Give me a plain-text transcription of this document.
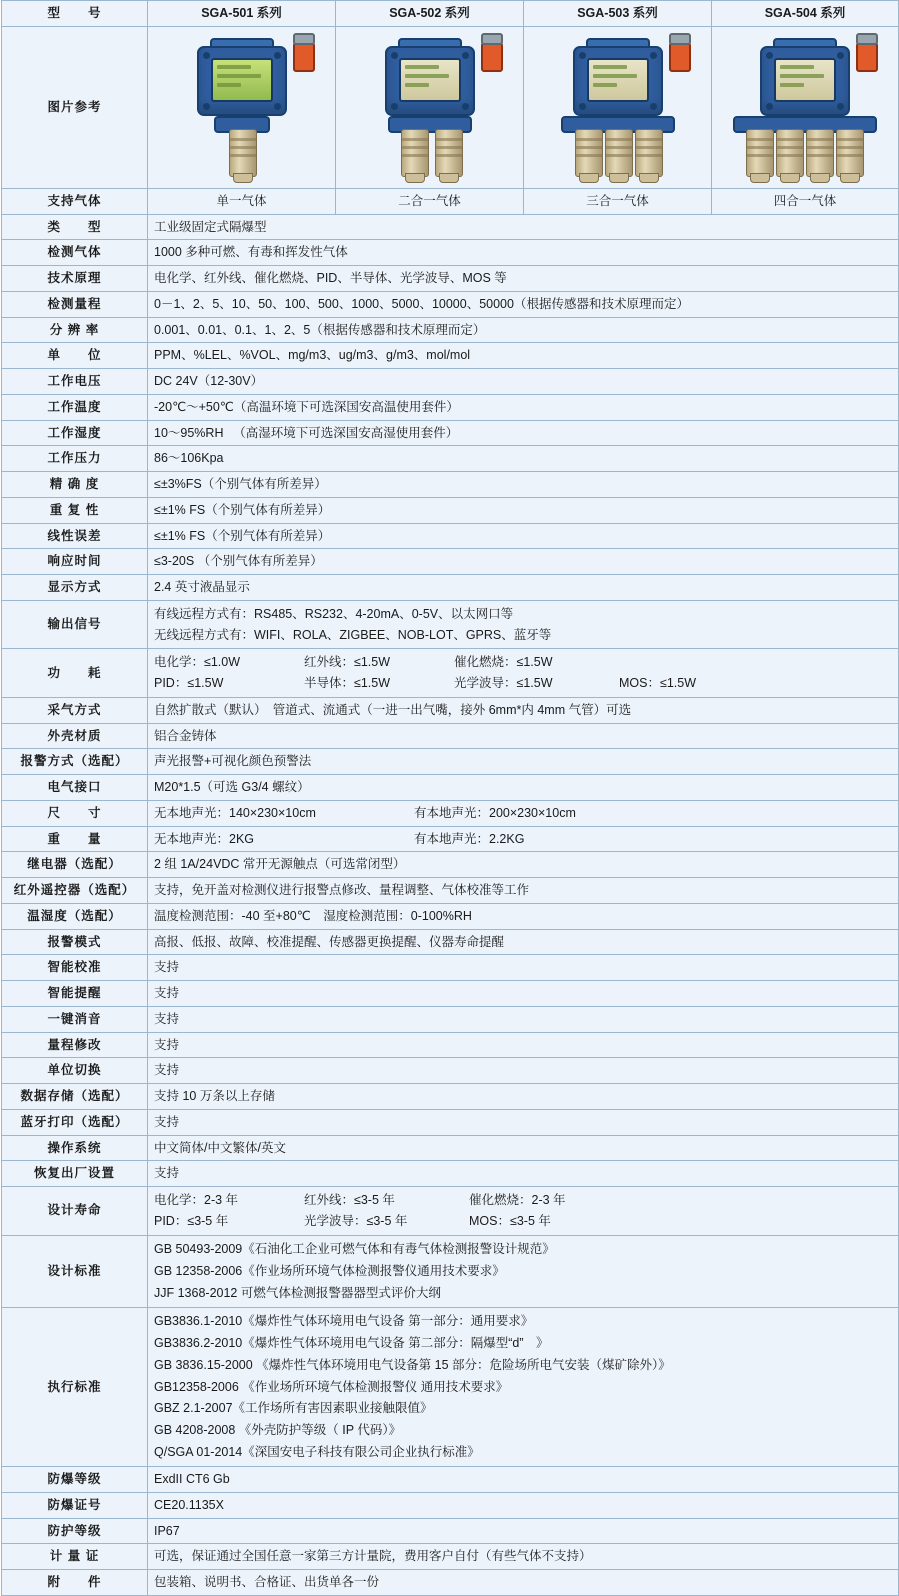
型　　号	SGA-501 系列	SGA-502 系列	SGA-503 系列	SGA-504 系列
图片参考	

支持气体	单一气体	二合一气体	三合一气体	四合一气体
类　　型	工业级固定式隔爆型			
检测气体	1000 多种可燃、有毒和挥发性气体			
技术原理	电化学、红外线、催化燃烧、PID、半导体、光学波导、MOS 等			
检测量程	0－1、2、5、10、50、100、500、1000、5000、10000、50000（根据传感器和技术原理而定）			
分 辨 率	0.001、0.01、0.1、1、2、5（根据传感器和技术原理而定）			
单　　位	PPM、%LEL、%VOL、mg/m3、ug/m3、g/m3、mol/mol			
工作电压	DC 24V（12-30V）			
工作温度	-20℃～+50℃（高温环境下可选深国安高温使用套件）			
工作湿度	10～95%RH 　（高湿环境下可选深国安高湿使用套件）			
工作压力	86～106Kpa			
精 确 度	≤±3%FS（个别气体有所差异）			
重 复 性	≤±1% FS（个别气体有所差异）			
线性误差	≤±1% FS（个别气体有所差异）			
响应时间	≤3-20S （个别气体有所差异）			
显示方式	2.4 英寸液晶显示			
输出信号	有线远程方式有：RS485、RS232、4-20mA、0-5V、以太网口等
无线远程方式有：WIFI、ROLA、ZIGBEE、NOB-LOT、GPRS、蓝牙等			

功　　耗	
电化学：≤1.0W	红外线：≤1.5W	催化燃烧：≤1.5W
PID：≤1.5W	半导体：≤1.5W	光学波导：≤1.5W	MOS：≤1.5W

采气方式	自然扩散式（默认）　管道式、流通式（一进一出气嘴，接外 6mm*内 4mm 气管）可选			
外壳材质	铝合金铸体			
报警方式（选配）	声光报警+可视化颜色预警法			
电气接口	M20*1.5（可选 G3/4 螺纹）			
尺　　寸	无本地声光：140×230×10cm 有本地声光：200×230×10cm			

重　　量	无本地声光：2KG 有本地声光：2.2KG			

继电器（选配）	2 组 1A/24VDC 常开无源触点（可选常闭型）			
红外遥控器（选配）	支持，免开盖对检测仪进行报警点修改、量程调整、气体校准等工作			
温湿度（选配）	温度检测范围：-40 至+80℃　湿度检测范围：0-100%RH			
报警模式	高报、低报、故障、校准提醒、传感器更换提醒、仪器寿命提醒			
智能校准	支持			
智能提醒	支持			
一键消音	支持			
量程修改	支持			
单位切换	支持			
数据存储（选配）	支持 10 万条以上存储			
蓝牙打印（选配）	支持			
操作系统	中文简体/中文繁体/英文			
恢复出厂设置	支持			
设计寿命	
电化学：2-3 年	红外线：≤3-5 年	催化燃烧：2-3 年
PID：≤3-5 年	光学波导：≤3-5 年	MOS：≤3-5 年

设计标准	GB 50493-2009《石油化工企业可燃气体和有毒气体检测报警设计规范》
GB 12358-2006《作业场所环境气体检测报警仪通用技术要求》
JJF 1368-2012 可燃气体检测报警器器型式评价大纲			

执行标准	
GB3836.1-2010《爆炸性气体环境用电气设备 第一部分：通用要求》
GB3836.2-2010《爆炸性气体环境用电气设备 第二部分：隔爆型“d”　》
GB 3836.15-2000 《爆炸性气体环境用电气设备第 15 部分：危险场所电气安装（煤矿除外）》
GB12358-2006 《作业场所环境气体检测报警仪 通用技术要求》
GBZ 2.1-2007《工作场所有害因素职业接触限值》
GB 4208-2008 《外壳防护等级（ IP 代码）》
Q/SGA 01-2014《深国安电子科技有限公司企业执行标准》

防爆等级	ExdII CT6 Gb			
防爆证号	CE20.1135X			
防护等级	IP67			
计 量 证	可选，保证通过全国任意一家第三方计量院，费用客户自付（有些气体不支持）			
附　　件	包装箱、说明书、合格证、出货单各一份			
